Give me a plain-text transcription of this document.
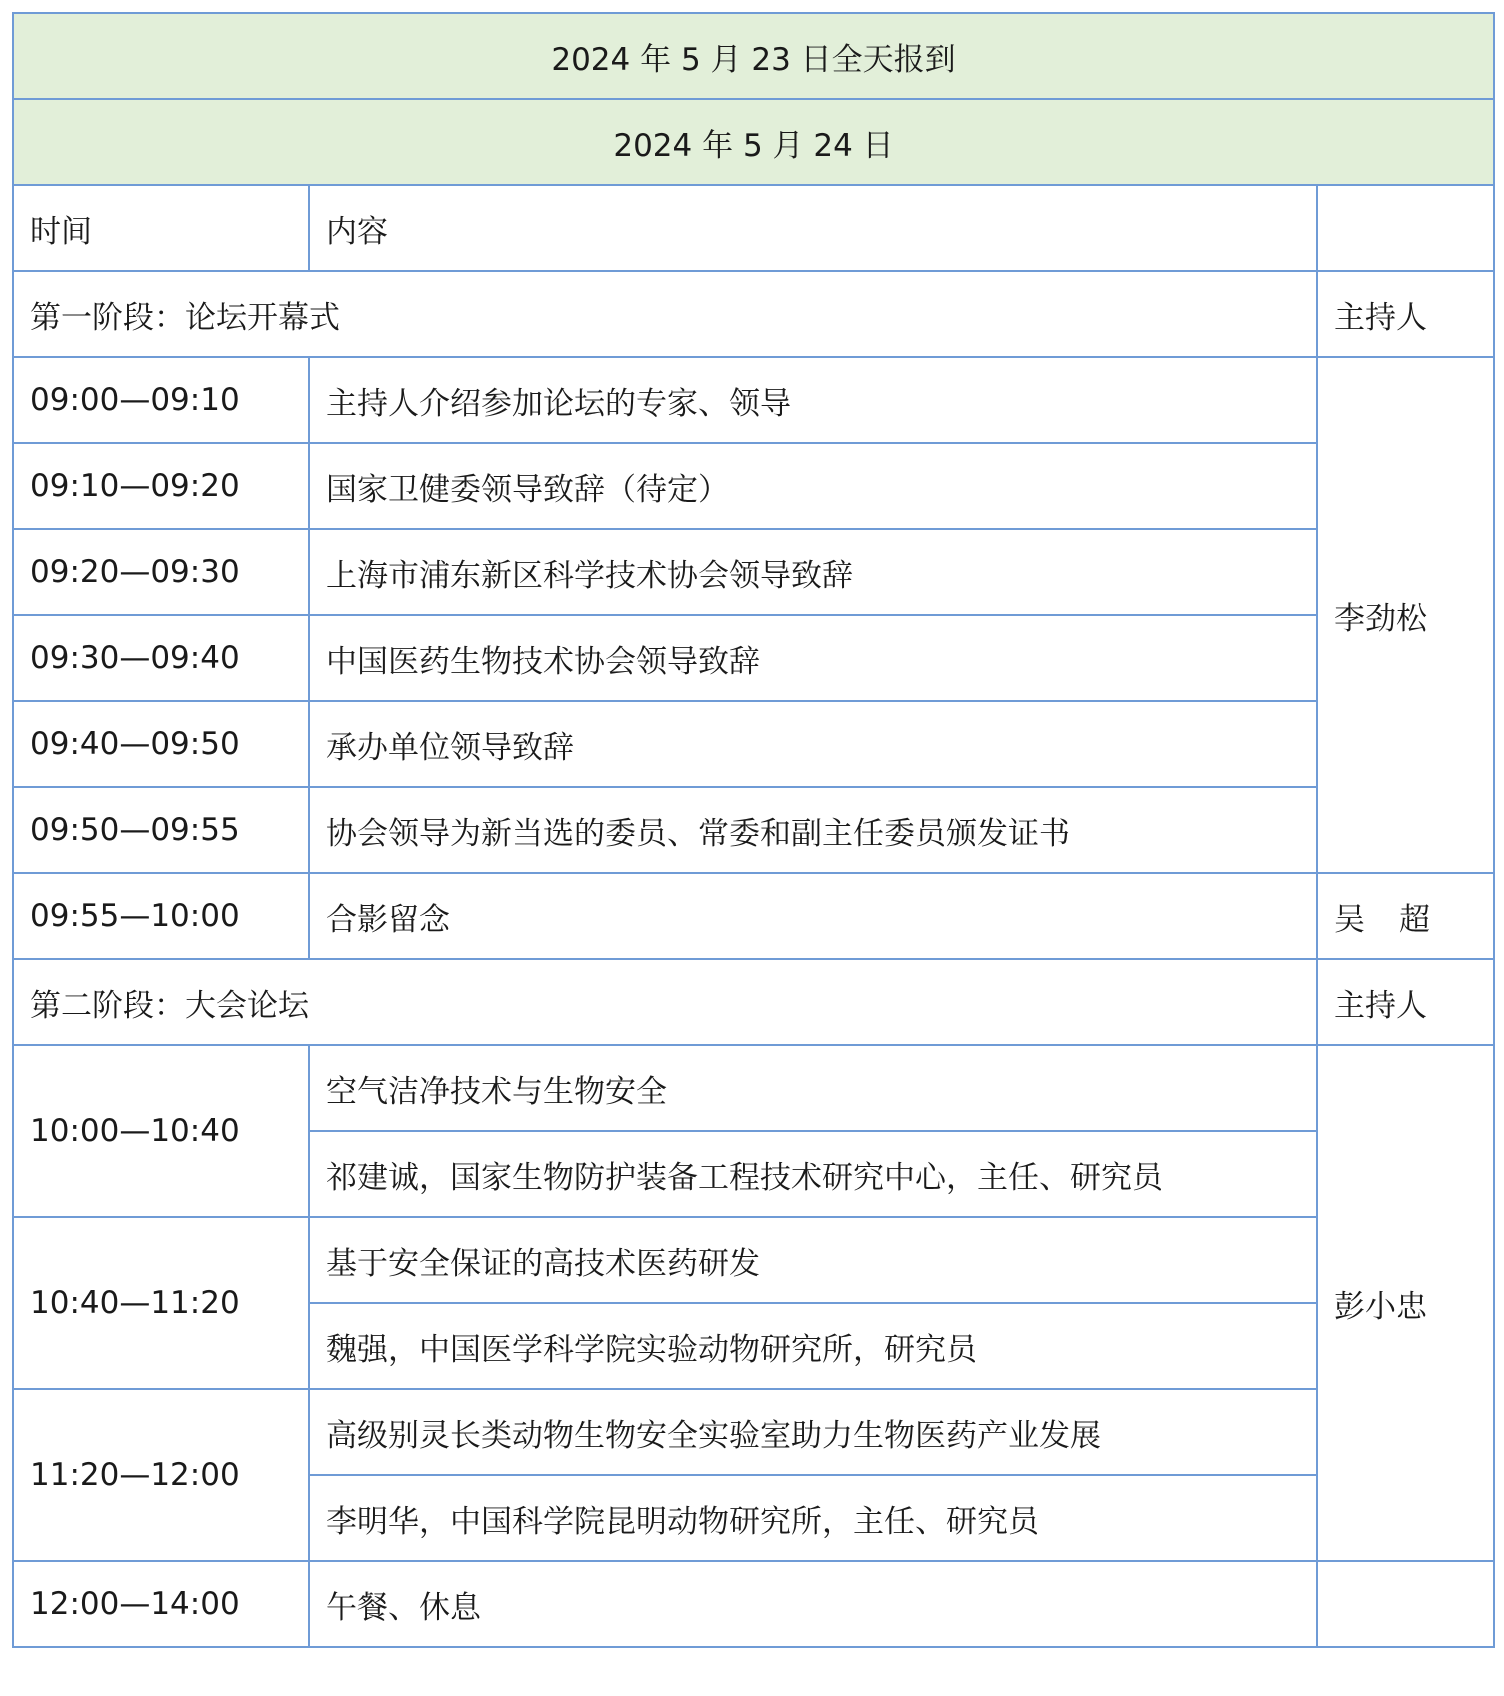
2024 年 5 月 23 日全天报到		
2024 年 5 月 24 日		
时间	内容	
第一阶段：论坛开幕式		主持人
09:00—09:10	主持人介绍参加论坛的专家、领导	李劲松
09:10—09:20	国家卫健委领导致辞（待定）	
09:20—09:30	上海市浦东新区科学技术协会领导致辞	
09:30—09:40	中国医药生物技术协会领导致辞	
09:40—09:50	承办单位领导致辞	
09:50—09:55	协会领导为新当选的委员、常委和副主任委员颁发证书	
09:55—10:00	合影留念	吴 超
第二阶段：大会论坛		主持人
10:00—10:40	空气洁净技术与生物安全	彭小忠
	祁建诚，国家生物防护装备工程技术研究中心，主任、研究员	
10:40—11:20	基于安全保证的高技术医药研发	
	魏强，中国医学科学院实验动物研究所，研究员	
11:20—12:00	高级别灵长类动物生物安全实验室助力生物医药产业发展	
	李明华，中国科学院昆明动物研究所，主任、研究员	
12:00—14:00	午餐、休息	
